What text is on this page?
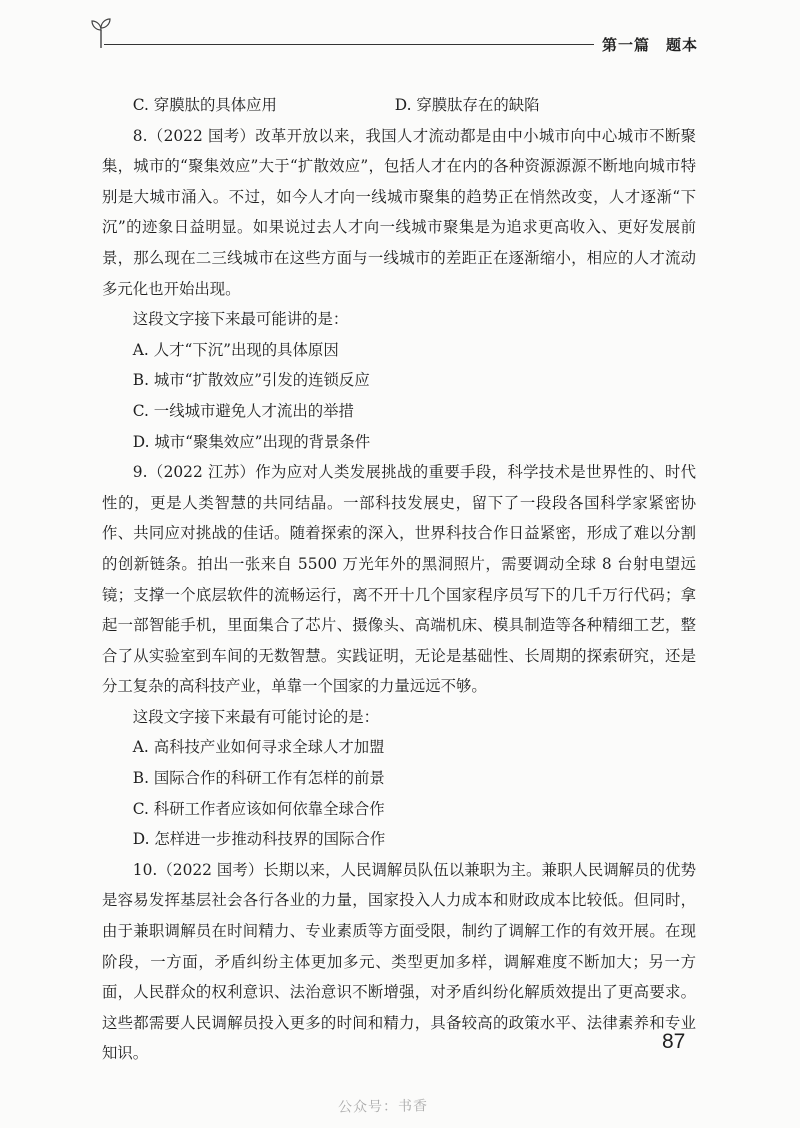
第一篇　题本

C. 穿膜肽的具体应用	D. 穿膜肽存在的缺陷

8.（2022 国考）改革开放以来，我国人才流动都是由中小城市向中心城市不断聚集，城市的“聚集效应”大于“扩散效应”，包括人才在内的各种资源源源不断地向城市特别是大城市涌入。不过，如今人才向一线城市聚集的趋势正在悄然改变，人才逐渐“下沉”的迹象日益明显。如果说过去人才向一线城市聚集是为追求更高收入、更好发展前景，那么现在二三线城市在这些方面与一线城市的差距正在逐渐缩小，相应的人才流动多元化也开始出现。

这段文字接下来最可能讲的是：

A. 人才“下沉”出现的具体原因

B. 城市“扩散效应”引发的连锁反应

C. 一线城市避免人才流出的举措

D. 城市“聚集效应”出现的背景条件

9.（2022 江苏）作为应对人类发展挑战的重要手段，科学技术是世界性的、时代性的，更是人类智慧的共同结晶。一部科技发展史，留下了一段段各国科学家紧密协作、共同应对挑战的佳话。随着探索的深入，世界科技合作日益紧密，形成了难以分割的创新链条。拍出一张来自 5500 万光年外的黑洞照片，需要调动全球 8 台射电望远镜；支撑一个底层软件的流畅运行，离不开十几个国家程序员写下的几千万行代码；拿起一部智能手机，里面集合了芯片、摄像头、高端机床、模具制造等各种精细工艺，整合了从实验室到车间的无数智慧。实践证明，无论是基础性、长周期的探索研究，还是分工复杂的高科技产业，单靠一个国家的力量远远不够。

这段文字接下来最有可能讨论的是：

A. 高科技产业如何寻求全球人才加盟

B. 国际合作的科研工作有怎样的前景

C. 科研工作者应该如何依靠全球合作

D. 怎样进一步推动科技界的国际合作

10.（2022 国考）长期以来，人民调解员队伍以兼职为主。兼职人民调解员的优势是容易发挥基层社会各行各业的力量，国家投入人力成本和财政成本比较低。但同时，由于兼职调解员在时间精力、专业素质等方面受限，制约了调解工作的有效开展。在现阶段，一方面，矛盾纠纷主体更加多元、类型更加多样，调解难度不断加大；另一方面，人民群众的权利意识、法治意识不断增强，对矛盾纠纷化解质效提出了更高要求。这些都需要人民调解员投入更多的时间和精力，具备较高的政策水平、法律素养和专业知识。

87
公众号：书香
